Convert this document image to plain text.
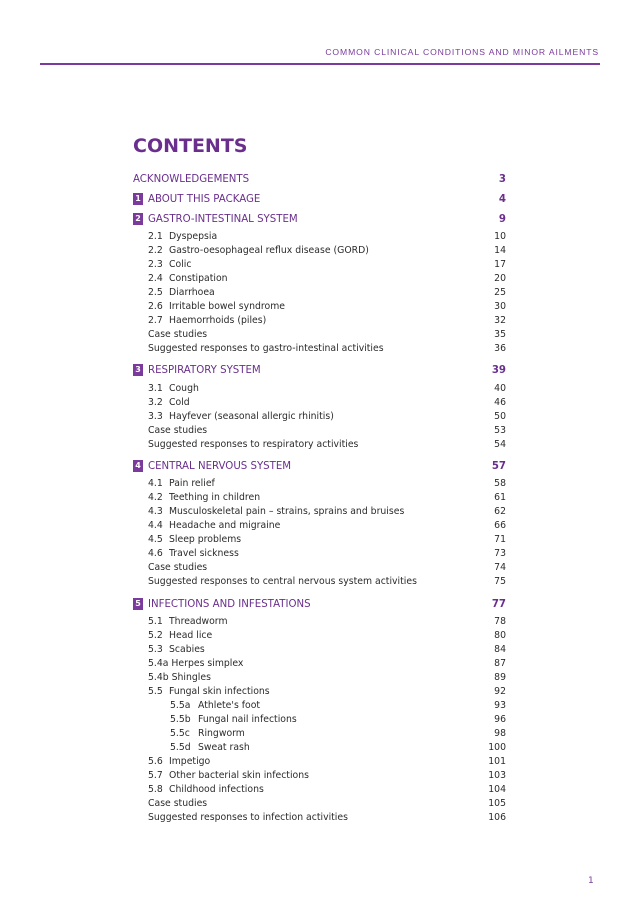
COMMON CLINICAL CONDITIONS AND MINOR AILMENTS
CONTENTS
ACKNOWLEDGEMENTS	3
1 ABOUT THIS PACKAGE	4
2 GASTRO-INTESTINAL SYSTEM	9
2.1 Dyspepsia	10
2.2 Gastro-oesophageal reflux disease (GORD)	14
2.3 Colic	17
2.4 Constipation	20
2.5 Diarrhoea	25
2.6 Irritable bowel syndrome	30
2.7 Haemorrhoids (piles)	32
Case studies	35
Suggested responses to gastro-intestinal activities	36
3 RESPIRATORY SYSTEM	39
3.1 Cough	40
3.2 Cold	46
3.3 Hayfever (seasonal allergic rhinitis)	50
Case studies	53
Suggested responses to respiratory activities	54
4 CENTRAL NERVOUS SYSTEM	57
4.1 Pain relief	58
4.2 Teething in children	61
4.3 Musculoskeletal pain – strains, sprains and bruises	62
4.4 Headache and migraine	66
4.5 Sleep problems	71
4.6 Travel sickness	73
Case studies	74
Suggested responses to central nervous system activities	75
5 INFECTIONS AND INFESTATIONS	77
5.1 Threadworm	78
5.2 Head lice	80
5.3 Scabies	84
5.4a Herpes simplex	87
5.4b Shingles	89
5.5 Fungal skin infections	92
5.5a Athlete's foot	93
5.5b Fungal nail infections	96
5.5c Ringworm	98
5.5d Sweat rash	100
5.6 Impetigo	101
5.7 Other bacterial skin infections	103
5.8 Childhood infections	104
Case studies	105
Suggested responses to infection activities	106
1
